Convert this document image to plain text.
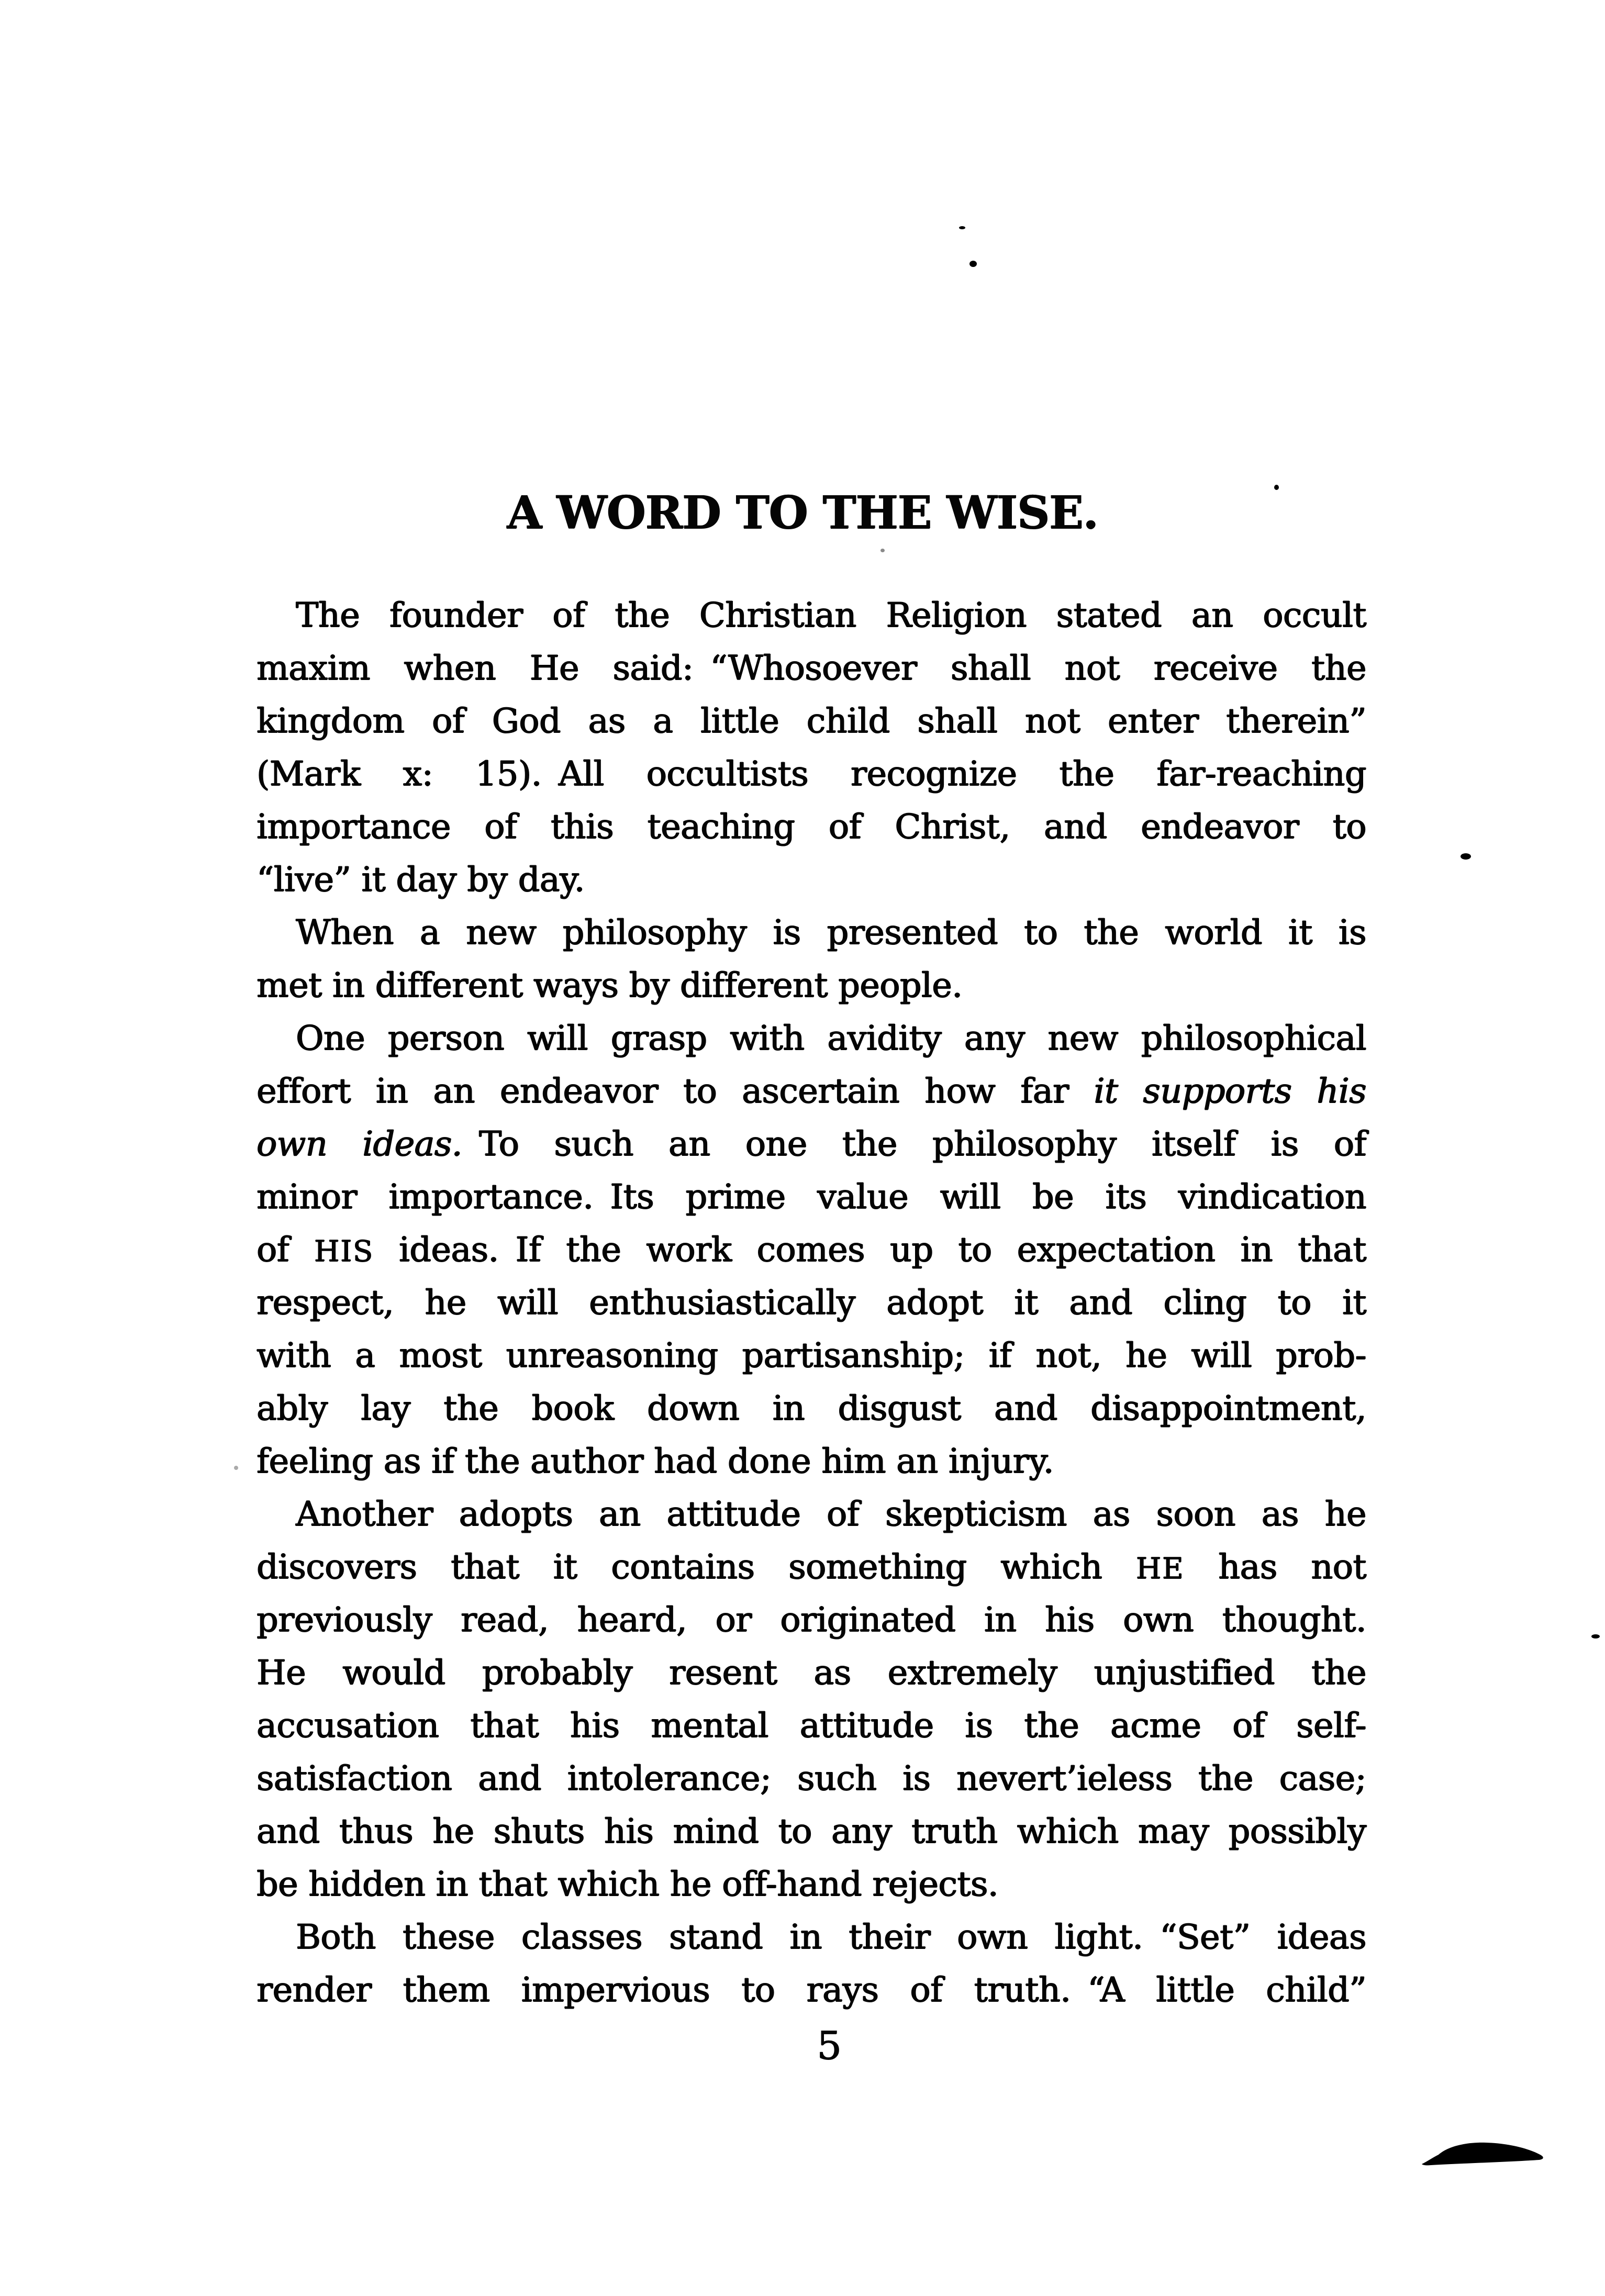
A WORD TO THE WISE.
The founder of the Christian Religion stated an occult
maxim when He said: “Whosoever shall not receive the
kingdom of God as a little child shall not enter therein”
(Mark x: 15). All occultists recognize the far-reaching
importance of this teaching of Christ, and endeavor to
“live” it day by day.
When a new philosophy is presented to the world it is
met in different ways by different people.
One person will grasp with avidity any new philosophical
effort in an endeavor to ascertain how far it supports his
own ideas. To such an one the philosophy itself is of
minor importance. Its prime value will be its vindication
of HIS ideas. If the work comes up to expectation in that
respect, he will enthusiastically adopt it and cling to it
with a most unreasoning partisanship; if not, he will prob-
ably lay the book down in disgust and disappointment,
feeling as if the author had done him an injury.
Another adopts an attitude of skepticism as soon as he
discovers that it contains something which HE has not
previously read, heard, or originated in his own thought.
He would probably resent as extremely unjustified the
accusation that his mental attitude is the acme of self-
satisfaction and intolerance; such is nevert’ieless the case;
and thus he shuts his mind to any truth which may possibly
be hidden in that which he off-hand rejects.
Both these classes stand in their own light. “Set” ideas
render them impervious to rays of truth. “A little child”
5
